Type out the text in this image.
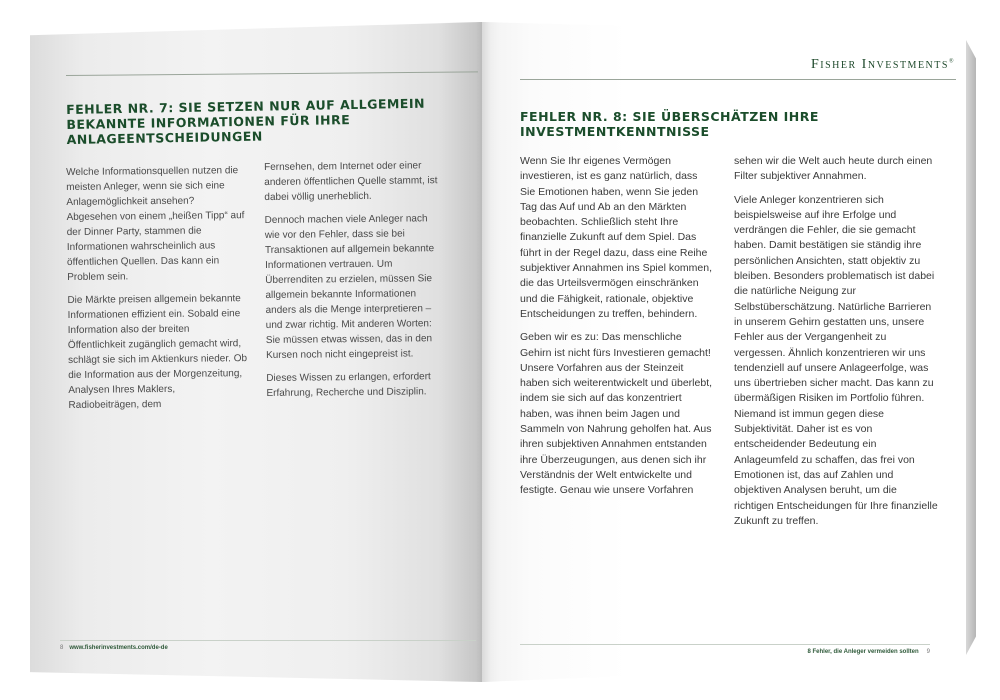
Fisher Investments®
FEHLER NR. 7: SIE SETZEN NUR AUF ALLGEMEIN BEKANNTE INFORMATIONEN FÜR IHRE ANLAGEENTSCHEIDUNGEN
FEHLER NR. 8: SIE ÜBERSCHÄTZEN IHRE INVESTMENTKENNTNISSE

Welche Informationsquellen nutzen die meisten Anleger, wenn sie sich eine Anlagemöglichkeit ansehen? Abgesehen von einem „heißen Tipp“ auf der Dinner Party, stammen die Informationen wahrscheinlich aus öffentlichen Quellen. Das kann ein Problem sein.

Die Märkte preisen allgemein bekannte Informationen effizient ein. Sobald eine Information also der breiten Öffentlichkeit zugänglich gemacht wird, schlägt sie sich im Aktienkurs nieder. Ob die Information aus der Morgenzeitung, Analysen Ihres Maklers, Radiobeiträgen, dem

Fernsehen, dem Internet oder einer anderen öffentlichen Quelle stammt, ist dabei völlig unerheblich.

Dennoch machen viele Anleger nach wie vor den Fehler, dass sie bei Transaktionen auf allgemein bekannte Informationen vertrauen. Um Überrenditen zu erzielen, müssen Sie allgemein bekannte Informationen anders als die Menge interpretieren – und zwar richtig. Mit anderen Worten: Sie müssen etwas wissen, das in den Kursen noch nicht eingepreist ist.

Dieses Wissen zu erlangen, erfordert Erfahrung, Recherche und Disziplin.

Wenn Sie Ihr eigenes Vermögen investieren, ist es ganz natürlich, dass Sie Emotionen haben, wenn Sie jeden Tag das Auf und Ab an den Märkten beobachten. Schließlich steht Ihre finanzielle Zukunft auf dem Spiel. Das führt in der Regel dazu, dass eine Reihe subjektiver Annahmen ins Spiel kommen, die das Urteilsvermögen einschränken und die Fähigkeit, rationale, objektive Entscheidungen zu treffen, behindern.

Geben wir es zu: Das menschliche Gehirn ist nicht fürs Investieren gemacht! Unsere Vorfahren aus der Steinzeit haben sich weiterentwickelt und überlebt, indem sie sich auf das konzentriert haben, was ihnen beim Jagen und Sammeln von Nahrung geholfen hat. Aus ihren subjektiven Annahmen entstanden ihre Überzeugungen, aus denen sich ihr Verständnis der Welt entwickelte und festigte. Genau wie unsere Vorfahren

sehen wir die Welt auch heute durch einen Filter subjektiver Annahmen.

Viele Anleger konzentrieren sich beispielsweise auf ihre Erfolge und verdrängen die Fehler, die sie gemacht haben. Damit bestätigen sie ständig ihre persönlichen Ansichten, statt objektiv zu bleiben. Besonders problematisch ist dabei die natürliche Neigung zur Selbstüberschätzung. Natürliche Barrieren in unserem Gehirn gestatten uns, unsere Fehler aus der Vergangenheit zu vergessen. Ähnlich konzentrieren wir uns tendenziell auf unsere Anlageerfolge, was uns übertrieben sicher macht. Das kann zu übermäßigen Risiken im Portfolio führen. Niemand ist immun gegen diese Subjektivität. Daher ist es von entscheidender Bedeutung ein Anlageumfeld zu schaffen, das frei von Emotionen ist, das auf Zahlen und objektiven Analysen beruht, um die richtigen Entscheidungen für Ihre finanzielle Zukunft zu treffen.

8 www.fisherinvestments.com/de-de
8 Fehler, die Anleger vermeiden sollten 9
